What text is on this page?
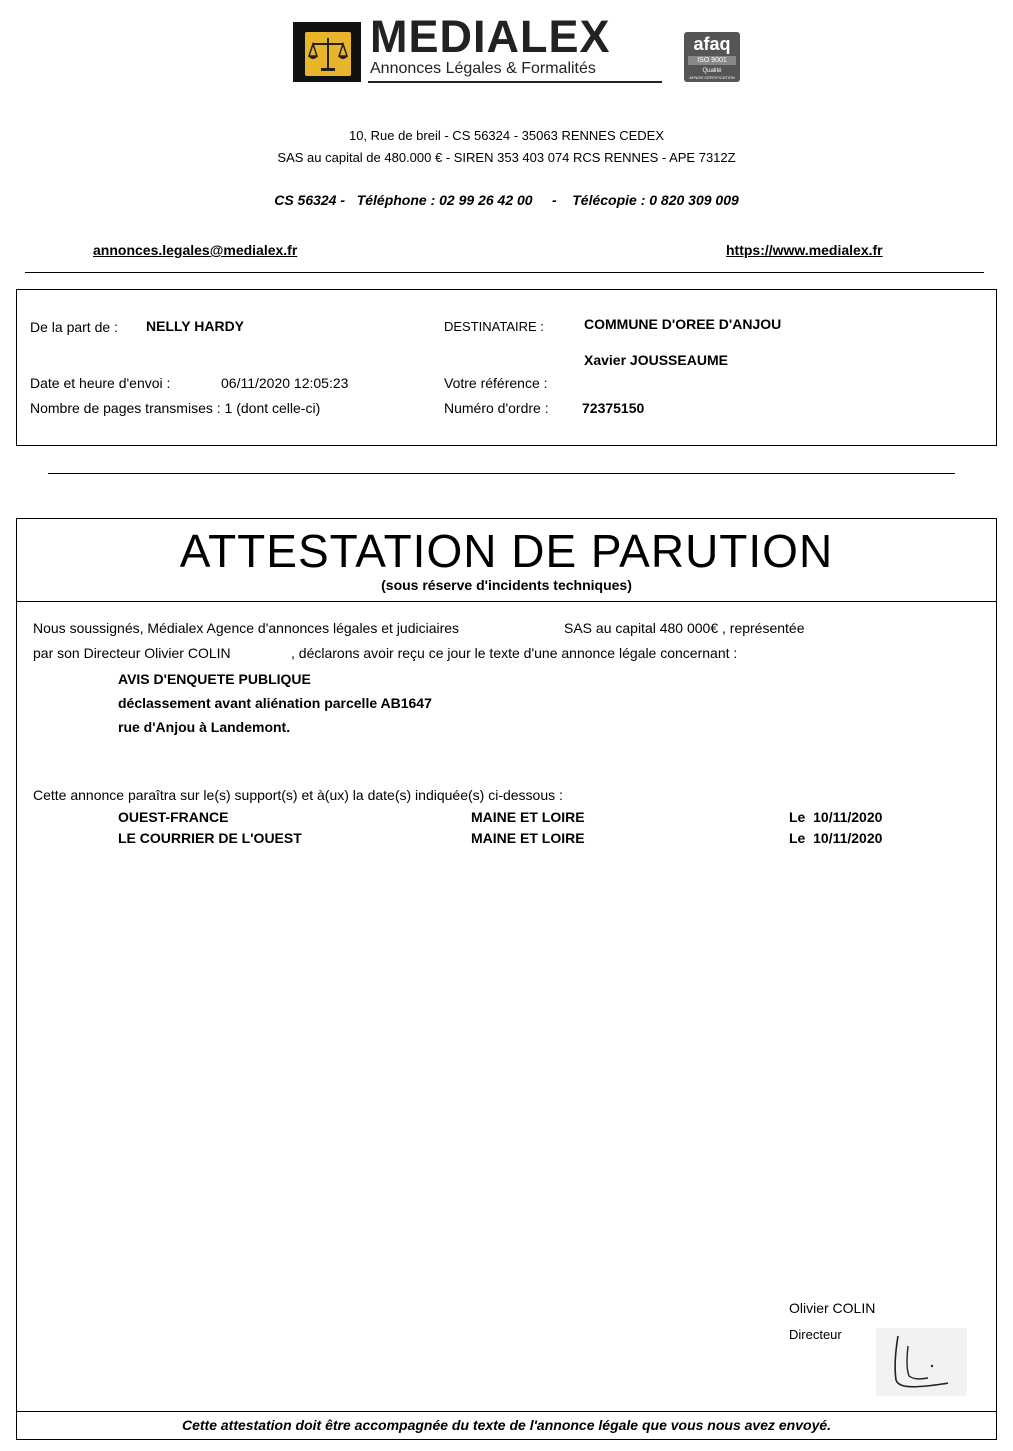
MEDIALEX
Annonces Légales & Formalités
afaq
ISO 9001
Qualité
AFNOR CERTIFICATION
10, Rue de breil - CS 56324 - 35063 RENNES CEDEX
SAS au capital de 480.000 € - SIREN 353 403 074 RCS RENNES - APE 7312Z
CS 56324 -   Téléphone : 02 99 26 42 00     -    Télécopie : 0 820 309 009
annonces.legales@medialex.fr	https://www.medialex.fr
De la part de : NELLY HARDY
Date et heure d'envoi :	06/11/2020 12:05:23
Nombre de pages transmises : 1 (dont celle-ci)
DESTINATAIRE :	COMMUNE D'OREE D'ANJOU
Xavier JOUSSEAUME
Votre référence :
Numéro d'ordre : 72375150
ATTESTATION DE PARUTION
(sous réserve d'incidents techniques)
Nous soussignés, Médialex Agence d'annonces légales et judiciaires	SAS au capital 480 000€ , représentée
par son Directeur Olivier COLIN	, déclarons avoir reçu ce jour le texte d'une annonce légale concernant :
AVIS D'ENQUETE PUBLIQUE
déclassement avant aliénation parcelle AB1647
rue d'Anjou à Landemont.
Cette annonce paraîtra sur le(s) support(s) et à(ux) la date(s) indiquée(s) ci-dessous :
OUEST-FRANCE	MAINE ET LOIRE	Le  10/11/2020
LE COURRIER DE L'OUEST	MAINE ET LOIRE	Le  10/11/2020
Olivier COLIN
Directeur
Cette attestation doit être accompagnée du texte de l'annonce légale que vous nous avez envoyé.
